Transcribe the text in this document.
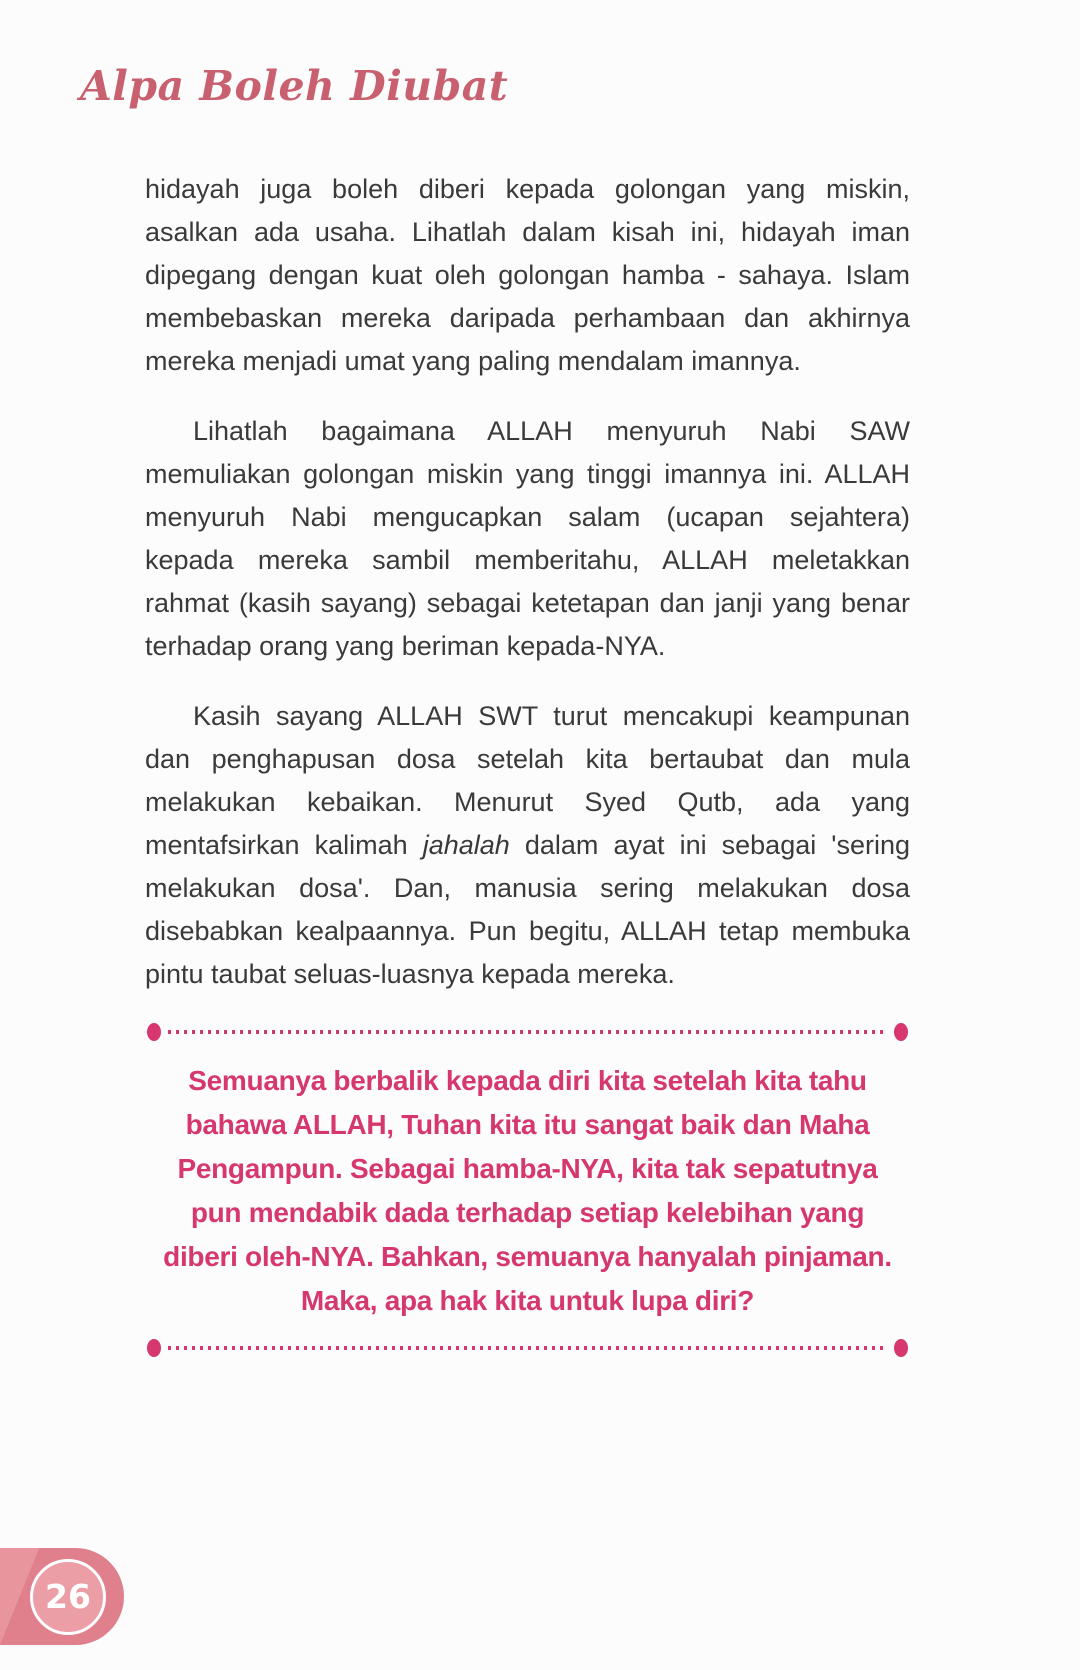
Alpa Boleh Diubat

hidayah juga boleh diberi kepada golongan yang miskin, asalkan ada usaha. Lihatlah dalam kisah ini, hidayah iman dipegang dengan kuat oleh golongan hamba - sahaya. Islam membebaskan mereka daripada perhambaan dan akhirnya mereka menjadi umat yang paling mendalam imannya.

Lihatlah bagaimana ALLAH menyuruh Nabi SAW memuliakan golongan miskin yang tinggi imannya ini. ALLAH menyuruh Nabi mengucapkan salam (ucapan sejahtera) kepada mereka sambil memberitahu, ALLAH meletakkan rahmat (kasih sayang) sebagai ketetapan dan janji yang benar terhadap orang yang beriman kepada-NYA.

Kasih sayang ALLAH SWT turut mencakupi keampunan dan penghapusan dosa setelah kita bertaubat dan mula melakukan kebaikan. Menurut Syed Qutb, ada yang mentafsirkan kalimah jahalah dalam ayat ini sebagai 'sering melakukan dosa'. Dan, manusia sering melakukan dosa disebabkan kealpaannya. Pun begitu, ALLAH tetap membuka pintu taubat seluas-luasnya kepada mereka.

Semuanya berbalik kepada diri kita setelah kita tahu
bahawa ALLAH, Tuhan kita itu sangat baik dan Maha
Pengampun. Sebagai hamba-NYA, kita tak sepatutnya
pun mendabik dada terhadap setiap kelebihan yang
diberi oleh-NYA. Bahkan, semuanya hanyalah pinjaman.
Maka, apa hak kita untuk lupa diri?
26
